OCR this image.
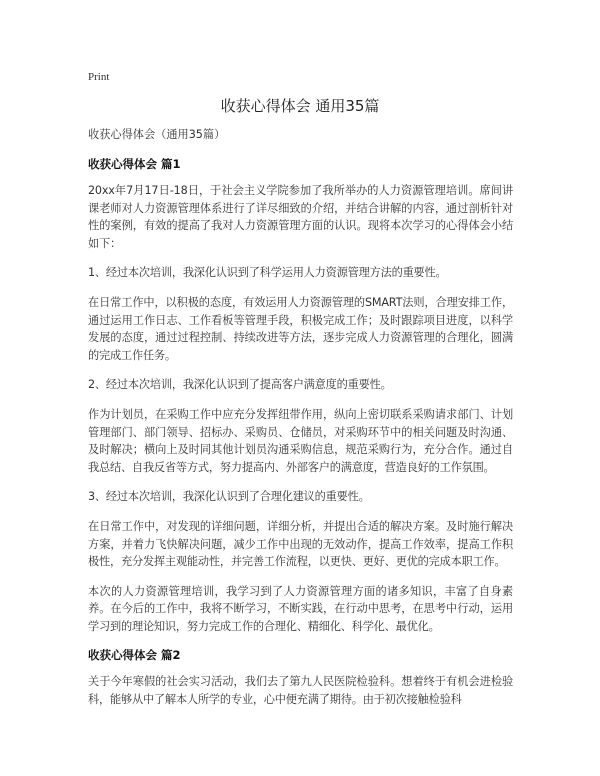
Print
收获心得体会 通用35篇

收获心得体会（通用35篇）

收获心得体会 篇1

20xx年7月17日-18日，于社会主义学院参加了我所举办的人力资源管理培训。席间讲课老师对人力资源管理体系进行了详尽细致的介绍，并结合讲解的内容，通过剖析针对性的案例，有效的提高了我对人力资源管理方面的认识。现将本次学习的心得体会小结如下：

1、经过本次培训，我深化认识到了科学运用人力资源管理方法的重要性。

在日常工作中，以积极的态度，有效运用人力资源管理的SMART法则，合理安排工作，通过运用工作日志、工作看板等管理手段，积极完成工作；及时跟踪项目进度，以科学发展的态度，通过过程控制、持续改进等方法，逐步完成人力资源管理的合理化，圆满的完成工作任务。

2、经过本次培训，我深化认识到了提高客户满意度的重要性。

作为计划员，在采购工作中应充分发挥纽带作用，纵向上密切联系采购请求部门、计划管理部门、部门领导、招标办、采购员、仓储员，对采购环节中的相关问题及时沟通、及时解决；横向上及时同其他计划员沟通采购信息，规范采购行为，充分合作。通过自我总结、自我反省等方式，努力提高内、外部客户的满意度，营造良好的工作氛围。

3、经过本次培训，我深化认识到了合理化建议的重要性。

在日常工作中，对发现的详细问题，详细分析，并提出合适的解决方案。及时施行解决方案，并着力飞快解决问题，减少工作中出现的无效动作，提高工作效率，提高工作积极性，充分发挥主观能动性，并完善工作流程，以更快、更好、更优的完成本职工作。

本次的人力资源管理培训，我学习到了人力资源管理方面的诸多知识，丰富了自身素养。在今后的工作中，我将不断学习，不断实践，在行动中思考，在思考中行动，运用学习到的理论知识，努力完成工作的合理化、精细化、科学化、最优化。

收获心得体会 篇2

关于今年寒假的社会实习活动，我们去了第九人民医院检验科。想着终于有机会进检验科，能够从中了解本人所学的专业，心中便充满了期待。由于初次接触检验科
